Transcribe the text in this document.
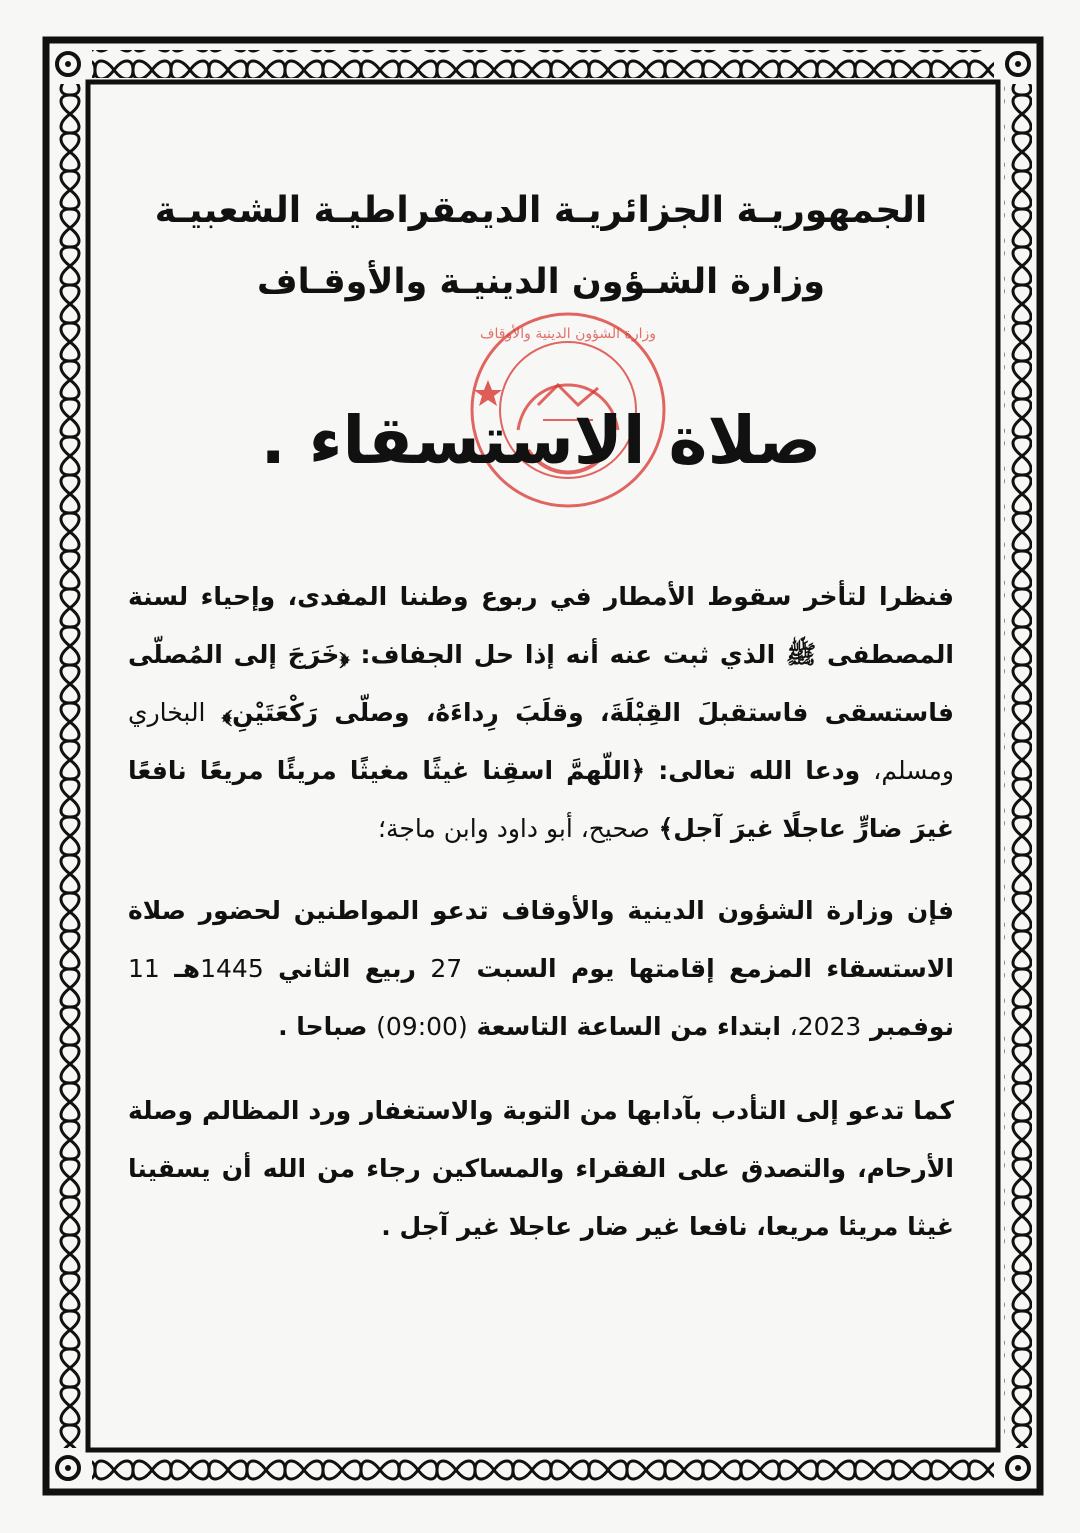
الجمهوريـة الجزائريـة الديمقراطيـة الشعبيـة
وزارة الشـؤون الدينيـة والأوقـاف
وزارة الشؤون الدينية والأوقاف
صلاة الاستسقاء .

فنظرا لتأخر سقوط الأمطار في ربوع وطننا المفدى، وإحياء لسنة المصطفى ﷺ الذي ثبت عنه أنه إذا حل الجفاف: ﴿خَرَجَ إلى المُصلّى فاستسقى فاستقبلَ القِبْلَةَ، وقلَبَ رِداءَهُ، وصلّى رَكْعَتَيْنِ﴾ البخاري ومسلم، ودعا الله تعالى: ﴿اللّهمَّ اسقِنا غيثًا مغيثًا مريئًا مريعًا نافعًا غيرَ ضارٍّ عاجلًا غيرَ آجل﴾ صحيح، أبو داود وابن ماجة؛

فإن وزارة الشؤون الدينية والأوقاف تدعو المواطنين لحضور صلاة الاستسقاء المزمع إقامتها يوم السبت 27 ربيع الثاني 1445هـ 11 نوفمبر 2023، ابتداء من الساعة التاسعة (09:00) صباحا .

كما تدعو إلى التأدب بآدابها من التوبة والاستغفار ورد المظالم وصلة الأرحام، والتصدق على الفقراء والمساكين رجاء من الله أن يسقينا غيثا مريئا مريعا، نافعا غير ضار عاجلا غير آجل .
